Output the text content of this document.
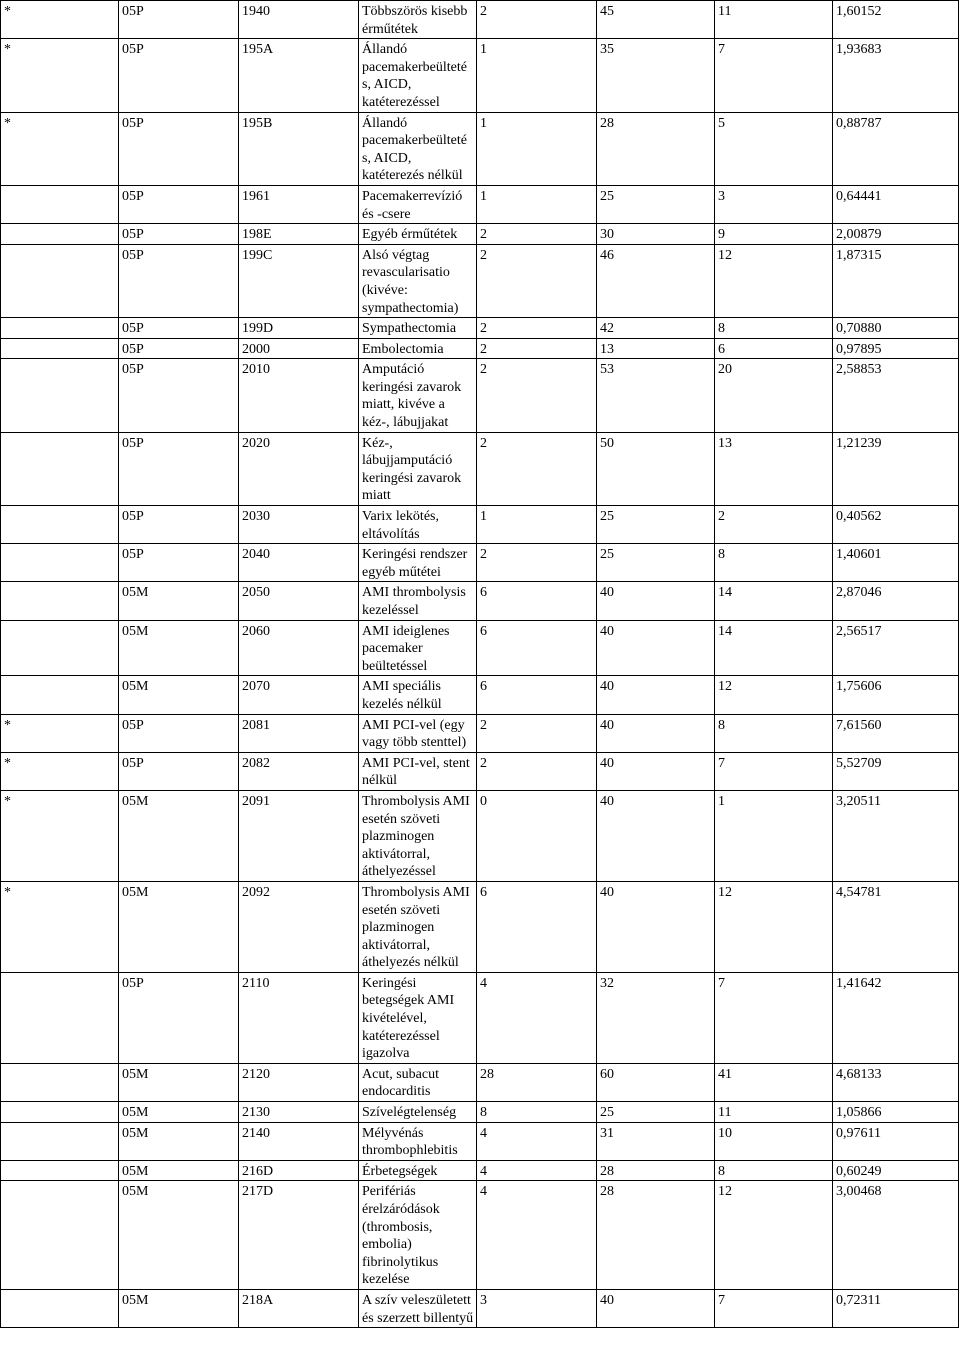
*	05P	1940	Többszörös kisebb érműtétek	2	45	11	1,60152
*	05P	195A	Állandó pacemakerbeülteté s, AICD, katéterezéssel	1	35	7	1,93683
*	05P	195B	Állandó pacemakerbeülteté s, AICD, katéterezés nélkül	1	28	5	0,88787
	05P	1961	Pacemakerrevízió és -csere	1	25	3	0,64441
	05P	198E	Egyéb érműtétek	2	30	9	2,00879
	05P	199C	Alsó végtag revascularisatio (kivéve: sympathectomia)	2	46	12	1,87315
	05P	199D	Sympathectomia	2	42	8	0,70880
	05P	2000	Embolectomia	2	13	6	0,97895
	05P	2010	Amputáció keringési zavarok miatt, kivéve a kéz-, lábujjakat	2	53	20	2,58853
	05P	2020	Kéz-, lábujjamputáció keringési zavarok miatt	2	50	13	1,21239
	05P	2030	Varix lekötés, eltávolítás	1	25	2	0,40562
	05P	2040	Keringési rendszer egyéb műtétei	2	25	8	1,40601
	05M	2050	AMI thrombolysis kezeléssel	6	40	14	2,87046
	05M	2060	AMI ideiglenes pacemaker beültetéssel	6	40	14	2,56517
	05M	2070	AMI speciális kezelés nélkül	6	40	12	1,75606
*	05P	2081	AMI PCI-vel (egy vagy több stenttel)	2	40	8	7,61560
*	05P	2082	AMI PCI-vel, stent nélkül	2	40	7	5,52709
*	05M	2091	Thrombolysis AMI esetén szöveti plazminogen aktivátorral, áthelyezéssel	0	40	1	3,20511
*	05M	2092	Thrombolysis AMI esetén szöveti plazminogen aktivátorral, áthelyezés nélkül	6	40	12	4,54781
	05P	2110	Keringési betegségek AMI kivételével, katéterezéssel igazolva	4	32	7	1,41642
	05M	2120	Acut, subacut endocarditis	28	60	41	4,68133
	05M	2130	Szívelégtelenség	8	25	11	1,05866
	05M	2140	Mélyvénás thrombophlebitis	4	31	10	0,97611
	05M	216D	Érbetegségek	4	28	8	0,60249
	05M	217D	Perifériás érelzáródások (thrombosis, embolia) fibrinolytikus kezelése	4	28	12	3,00468
	05M	218A	A szív veleszületett és szerzett billentyű	3	40	7	0,72311
